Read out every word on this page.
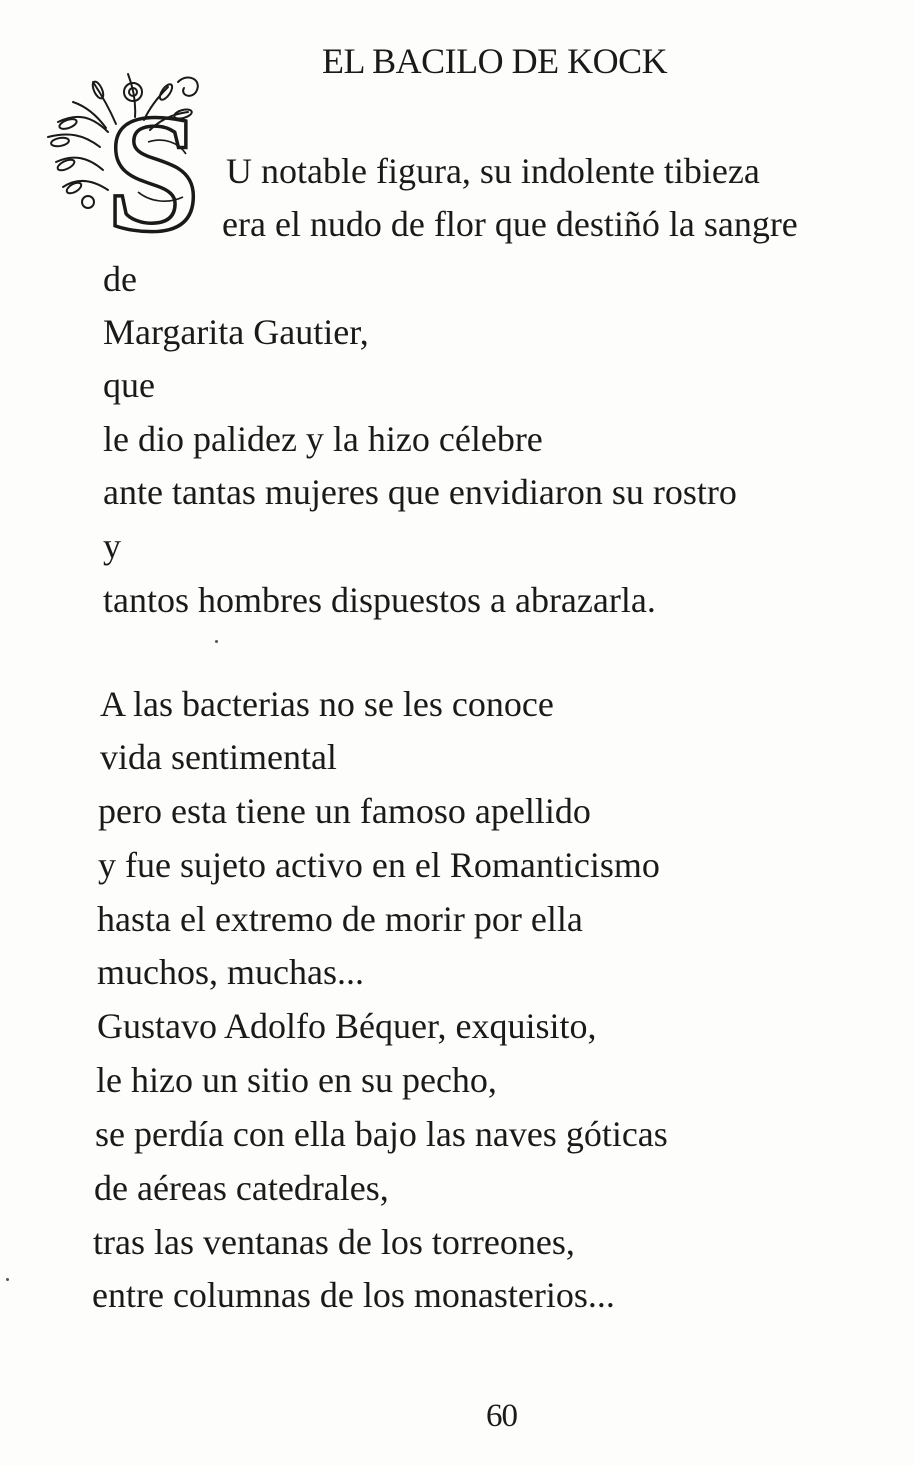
EL BACILO DE KOCK
S U notable figura, su indolente tibieza
era el nudo de flor que destiñó la sangre
de
Margarita Gautier,
que
le dio palidez y la hizo célebre
ante tantas mujeres que envidiaron su rostro
y
tantos hombres dispuestos a abrazarla.
A las bacterias no se les conoce
vida sentimental
pero esta tiene un famoso apellido
y fue sujeto activo en el Romanticismo
hasta el extremo de morir por ella
muchos, muchas...
Gustavo Adolfo Béquer, exquisito,
le hizo un sitio en su pecho,
se perdía con ella bajo las naves góticas
de aéreas catedrales,
tras las ventanas de los torreones,
entre columnas de los monasterios...
60
